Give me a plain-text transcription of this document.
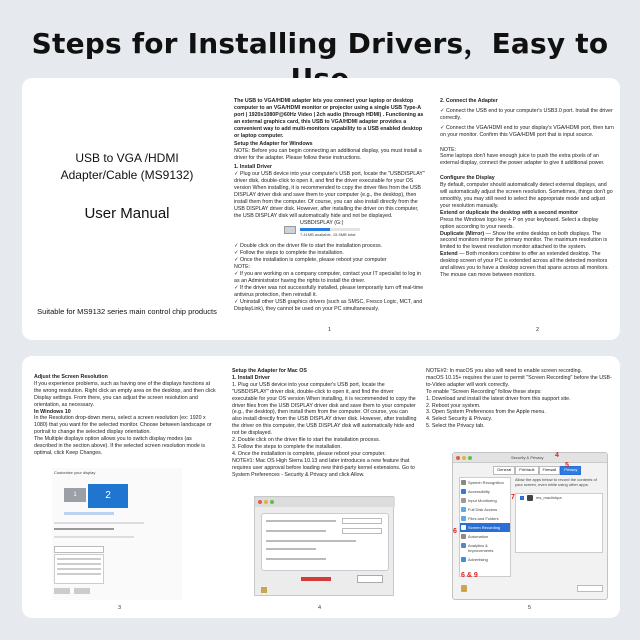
Steps for Installing Drivers，Easy to
USB to VGA /HDMI Adapter/Cable (MS9132)
User Manual
Suitable for MS9132 series main control chip products

The USB to VGA/HDMI adapter lets you connect your laptop or desktop computer to an VGA/HDMI monitor or projector using a single USB Type-A port | 1920x1080P@60Hz Video | 2ch audio (through HDMI) . Functioning as an external graphics card, this USB to VGA/HDMI adapter provides a convenient way to add multi-monitors capability to a USB enabled desktop or laptop computer.

Setup the Adapter for Windows

NOTE: Before you can begin connecting an additional display, you must install a driver for the adapter. Please follow these instructions.

1. Install Driver

✓ Plug our USB device into your computer's USB port, locate the "USBDISPLAY" driver disk, double-click to open it, and find the driver executable for your OS version When installing, it is recommended to copy the driver files from the USB DISPLAY driver disk and save them to your computer (e.g., the desktop), then install them from the computer. Of course, you can also install directly from the USB DISPLAY driver disk. However, after installing the driver on this computer, the USB DISPLAY disk will automatically hide and not be displayed.

USBDISPLAY (G:)
7.41MB available, 15.5MB total

✓ Double click on the driver file to start the installation process.

✓ Follow the steps to complete the installation.

✓ Once the installation is complete, please reboot your computer

NOTE:

✓ If you are working on a company computer, contact your IT specialist to log in as an Administrator having the rights to install the driver.

✓ If the driver was not successfully installed, please temporarily turn off real-time antivirus protection, then reinstall it.

✓ Uninstall other USB graphics drivers (such as SMSC, Fresco Logic, MCT, and DisplayLink), they cannot be used on your PC simultaneously.

1

2. Connect the Adapter

✓ Connect the USB end to your computer's USB3.0 port. Install the driver correctly.

✓ Connect the VGA/HDMI end to your display's VGA/HDMI port, then turn on your monitor. Confirm this VGA/HDMI port that is input source.

NOTE:

Some laptops don't have enough juice to push the extra pixels of an external display, connect the power adapter to give it additional power.

Configure the Display

By default, computer should automatically detect external displays, and will automatically adjust the screen resolution. Sometimes, things don't go smoothly, you may still need to select the appropriate mode and adjust your resolution manually.

Extend or duplicate the desktop with a second monitor

Press the Windows logo key + P on your keyboard. Select a display option according to your needs.

Duplicate (Mirror) — Show the entire desktop on both displays. The second monitors mirror the primary monitor. The maximum resolution is limited to the lowest resolution monitor attached to the system.

Extend — Both monitors combine to offer an extended desktop. The desktop screen of your PC is extended across all the detected monitors and allows you to have a desktop screen that spans across all monitors. The mouse can move between monitors.

2

Adjust the Screen Resolution

If you experience problems, such as having one of the displays functions at the wrong resolution. Right click an empty area on the desktop, and then click Display settings. From there, you can adjust the screen resolution and orientation, as necessary.

In Windows 10

In the Resolution drop-down menu, select a screen resolution (ex: 1920 x 1080) that you want for the selected monitor. Choose between landscape or portrait to change the selected display orientation.

The Multiple displays option allows you to switch display modes (as described in the section above). If the selected screen resolution mode is optimal, click Keep Changes.

Customize your display
1	2
3

Setup the Adapter for Mac OS

1. Install Driver

1. Plug our USB device into your computer's USB port, locate the "USBDISPLAY" driver disk, double-click to open it, and find the driver executable for your OS version When installing, it is recommended to copy the driver files from the USB DISPLAY driver disk and save them to your computer (e.g., the desktop), then install them from the computer. Of course, you can also install directly from the USB DISPLAY driver disk. However, after installing the driver on this computer, the USB DISPLAY disk will automatically hide and not be displayed.

2. Double click on the driver file to start the installation process.

3. Follow the steps to complete the installation.

4. Once the installation is complete, please reboot your computer.

NOTE#1: Mac OS High Sierra 10.13 and later introduces a new feature that requires user approval before loading new third-party kernel extensions. Go to System Preferences - Security & Privacy and click Allow.

4

NOTE#2: In macOS you also will need to enable screen recording.

macOS 10.15+ requires the user to permit "Screen Recording" before the USB-to-Video adapter will work correctly.

To enable "Screen Recording" follow these steps:

1. Download and install the latest driver from this support site.

2. Reboot your system.

3. Open System Preferences from the Apple menu.

4. Select Security & Privacy.

5. Select the Privacy tab.

Security & Privacy 4
General FileVault Firewall Privacy
5
Speech Recognition
Accessibility
Input Monitoring
Full Disk Access
Files and Folders
Screen Recording
Automation
Analytics & Improvements
Advertising
6
Allow the apps below to record the contents of your screen, even while using other apps.
ms_maclinkpa
7
6 & 9
5
